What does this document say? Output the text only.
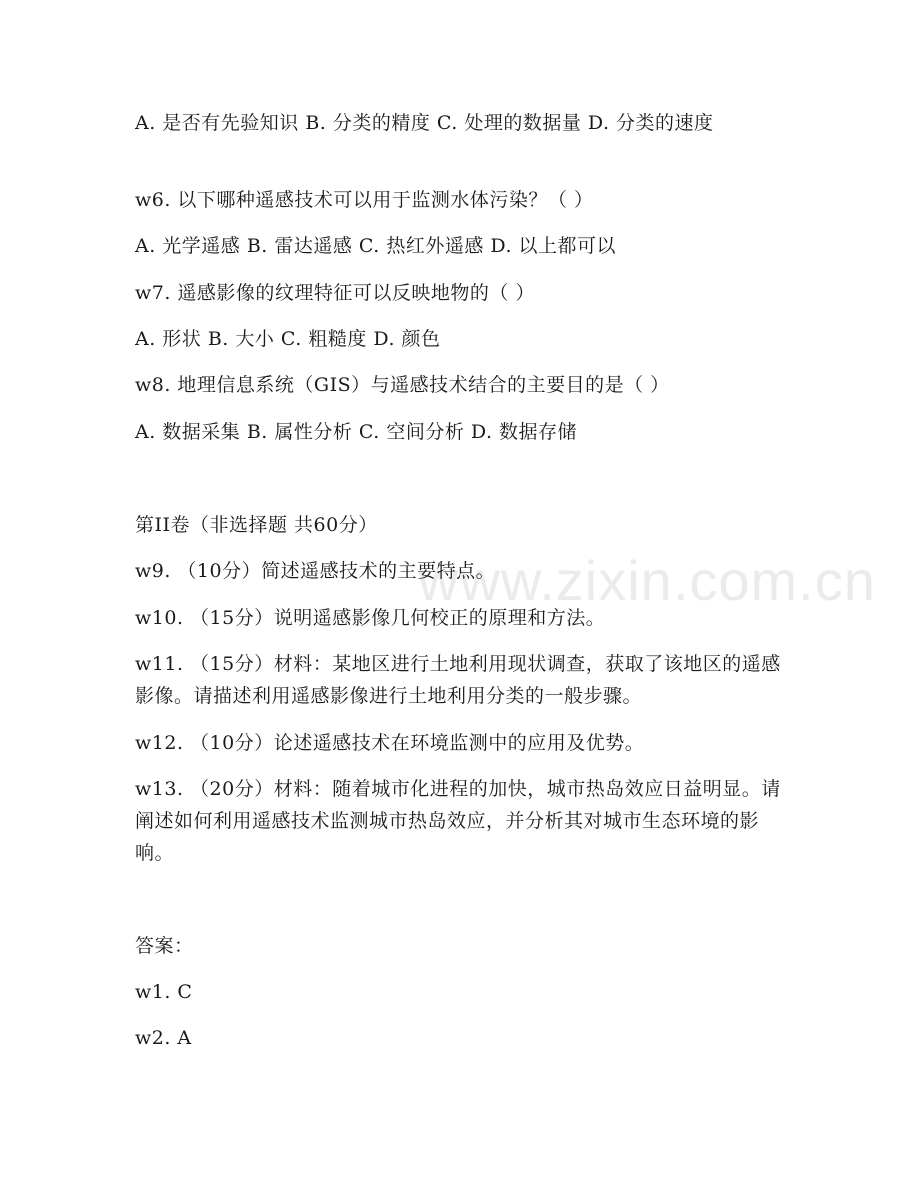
www.zixin.com.cn
A. 是否有先验知识 B. 分类的精度 C. 处理的数据量 D. 分类的速度
w6. 以下哪种遥感技术可以用于监测水体污染？（ ）
A. 光学遥感 B. 雷达遥感 C. 热红外遥感 D. 以上都可以
w7. 遥感影像的纹理特征可以反映地物的（ ）
A. 形状 B. 大小 C. 粗糙度 D. 颜色
w8. 地理信息系统（GIS）与遥感技术结合的主要目的是（ ）
A. 数据采集 B. 属性分析 C. 空间分析 D. 数据存储
第II卷（非选择题 共60分）
w9. （10分）简述遥感技术的主要特点。
w10. （15分）说明遥感影像几何校正的原理和方法。
w11. （15分）材料：某地区进行土地利用现状调查，获取了该地区的遥感影像。请描述利用遥感影像进行土地利用分类的一般步骤。
w12. （10分）论述遥感技术在环境监测中的应用及优势。
w13. （20分）材料：随着城市化进程的加快，城市热岛效应日益明显。请阐述如何利用遥感技术监测城市热岛效应，并分析其对城市生态环境的影响。
答案：
w1. C
w2. A
